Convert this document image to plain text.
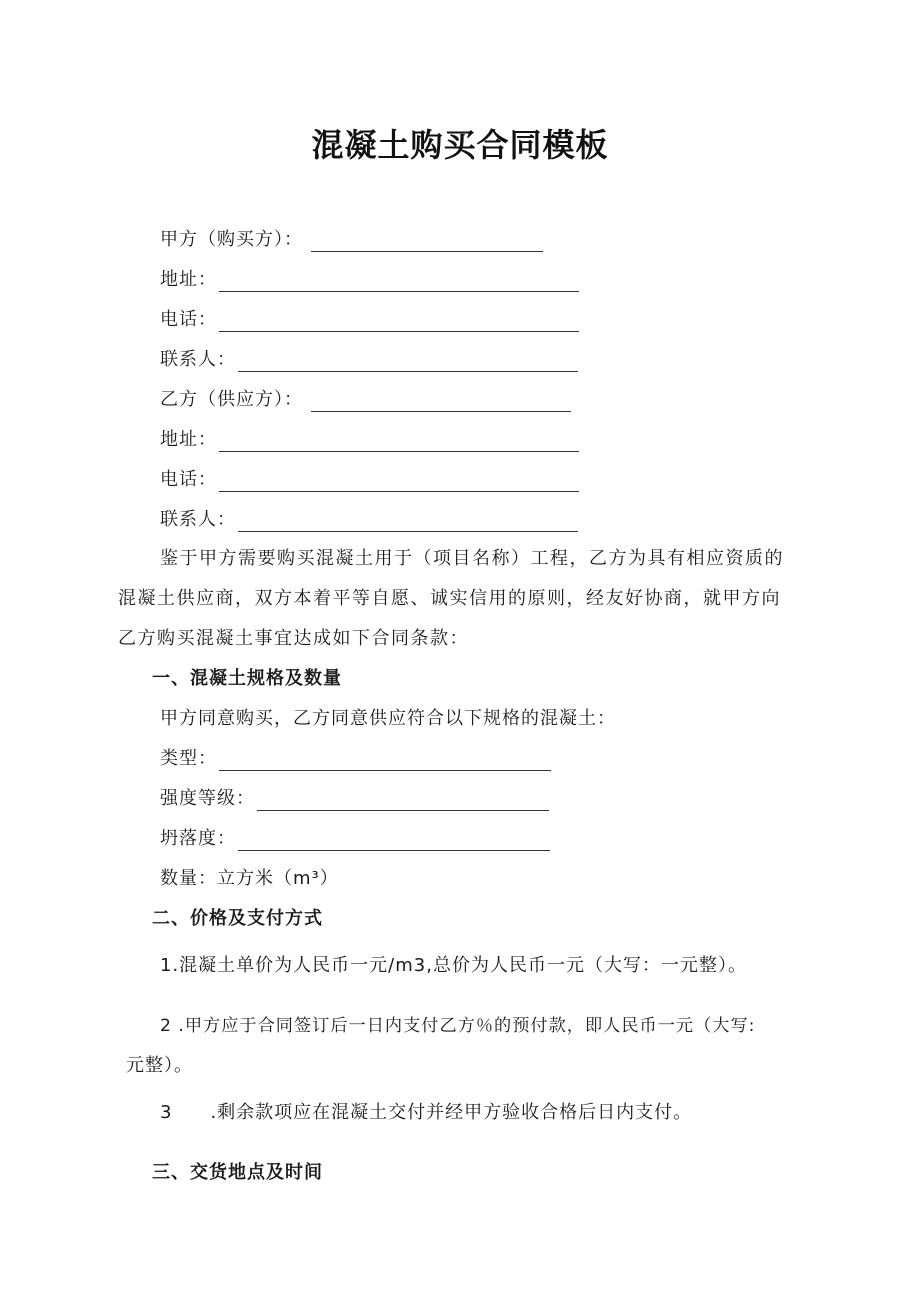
混凝土购买合同模板
甲方（购买方）：
地址：
电话：
联系人：
乙方（供应方）：
地址：
电话：
联系人：
鉴于甲方需要购买混凝土用于（项目名称）工程，乙方为具有相应资质的
混凝土供应商，双方本着平等自愿、诚实信用的原则，经友好协商，就甲方向
乙方购买混凝土事宜达成如下合同条款：
一、混凝土规格及数量
甲方同意购买，乙方同意供应符合以下规格的混凝土：
类型：
强度等级：
坍落度：
数量：立方米（m³）
二、价格及支付方式
1.混凝土单价为人民币一元/m3,总价为人民币一元（大写：一元整）。
2 .甲方应于合同签订后一日内支付乙方％的预付款，即人民币一元（大写:
元整）。
3　　.剩余款项应在混凝土交付并经甲方验收合格后日内支付。
三、交货地点及时间
